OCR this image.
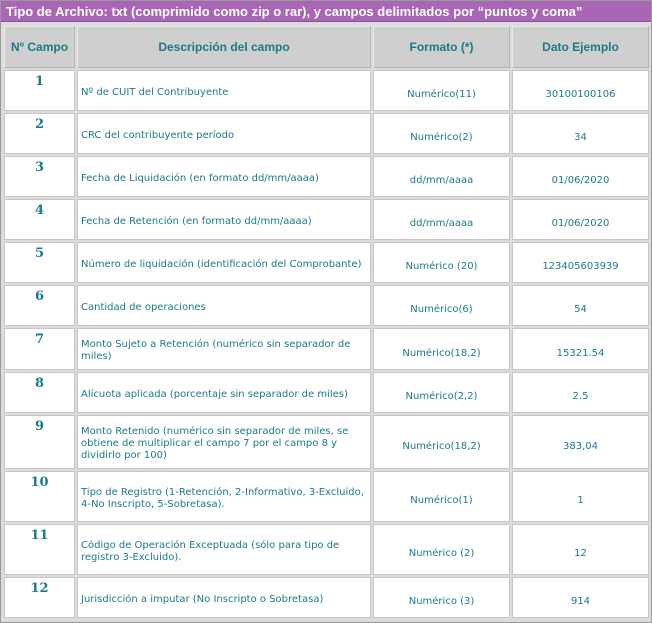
Tipo de Archivo: txt (comprimido como zip o rar), y campos delimitados por “puntos y coma”
Nº Campo	Descripción del campo	Formato (*)	Dato Ejemplo
1	Nº de CUIT del Contribuyente	Numérico(11)	30100100106
2	CRC del contribuyente período	Numérico(2)	34
3	Fecha de Liquidación (en formato dd/mm/aaaa)	dd/mm/aaaa	01/06/2020
4	Fecha de Retención (en formato dd/mm/aaaa)	dd/mm/aaaa	01/06/2020
5	Número de liquidación (identificación del Comprobante)	Numérico (20)	123405603939
6	Cantidad de operaciones	Numérico(6)	54
7	Monto Sujeto a Retención (numérico sin separador de miles)	Numérico(18,2)	15321.54
8	Alícuota aplicada (porcentaje sin separador de miles)	Numérico(2,2)	2.5
9	Monto Retenido (numérico sin separador de miles, se obtiene de multiplicar el campo 7 por el campo 8 y dividirlo por 100)	Numérico(18,2)	383,04
10	Tipo de Registro (1-Retención, 2-Informativo, 3-Excluido, 4-No Inscripto, 5-Sobretasa).	Numérico(1)	1
11	Código de Operación Exceptuada (sólo para tipo de registro 3-Excluido).	Numérico (2)	12
12	Jurisdicción a imputar (No Inscripto o Sobretasa)	Numérico (3)	914
